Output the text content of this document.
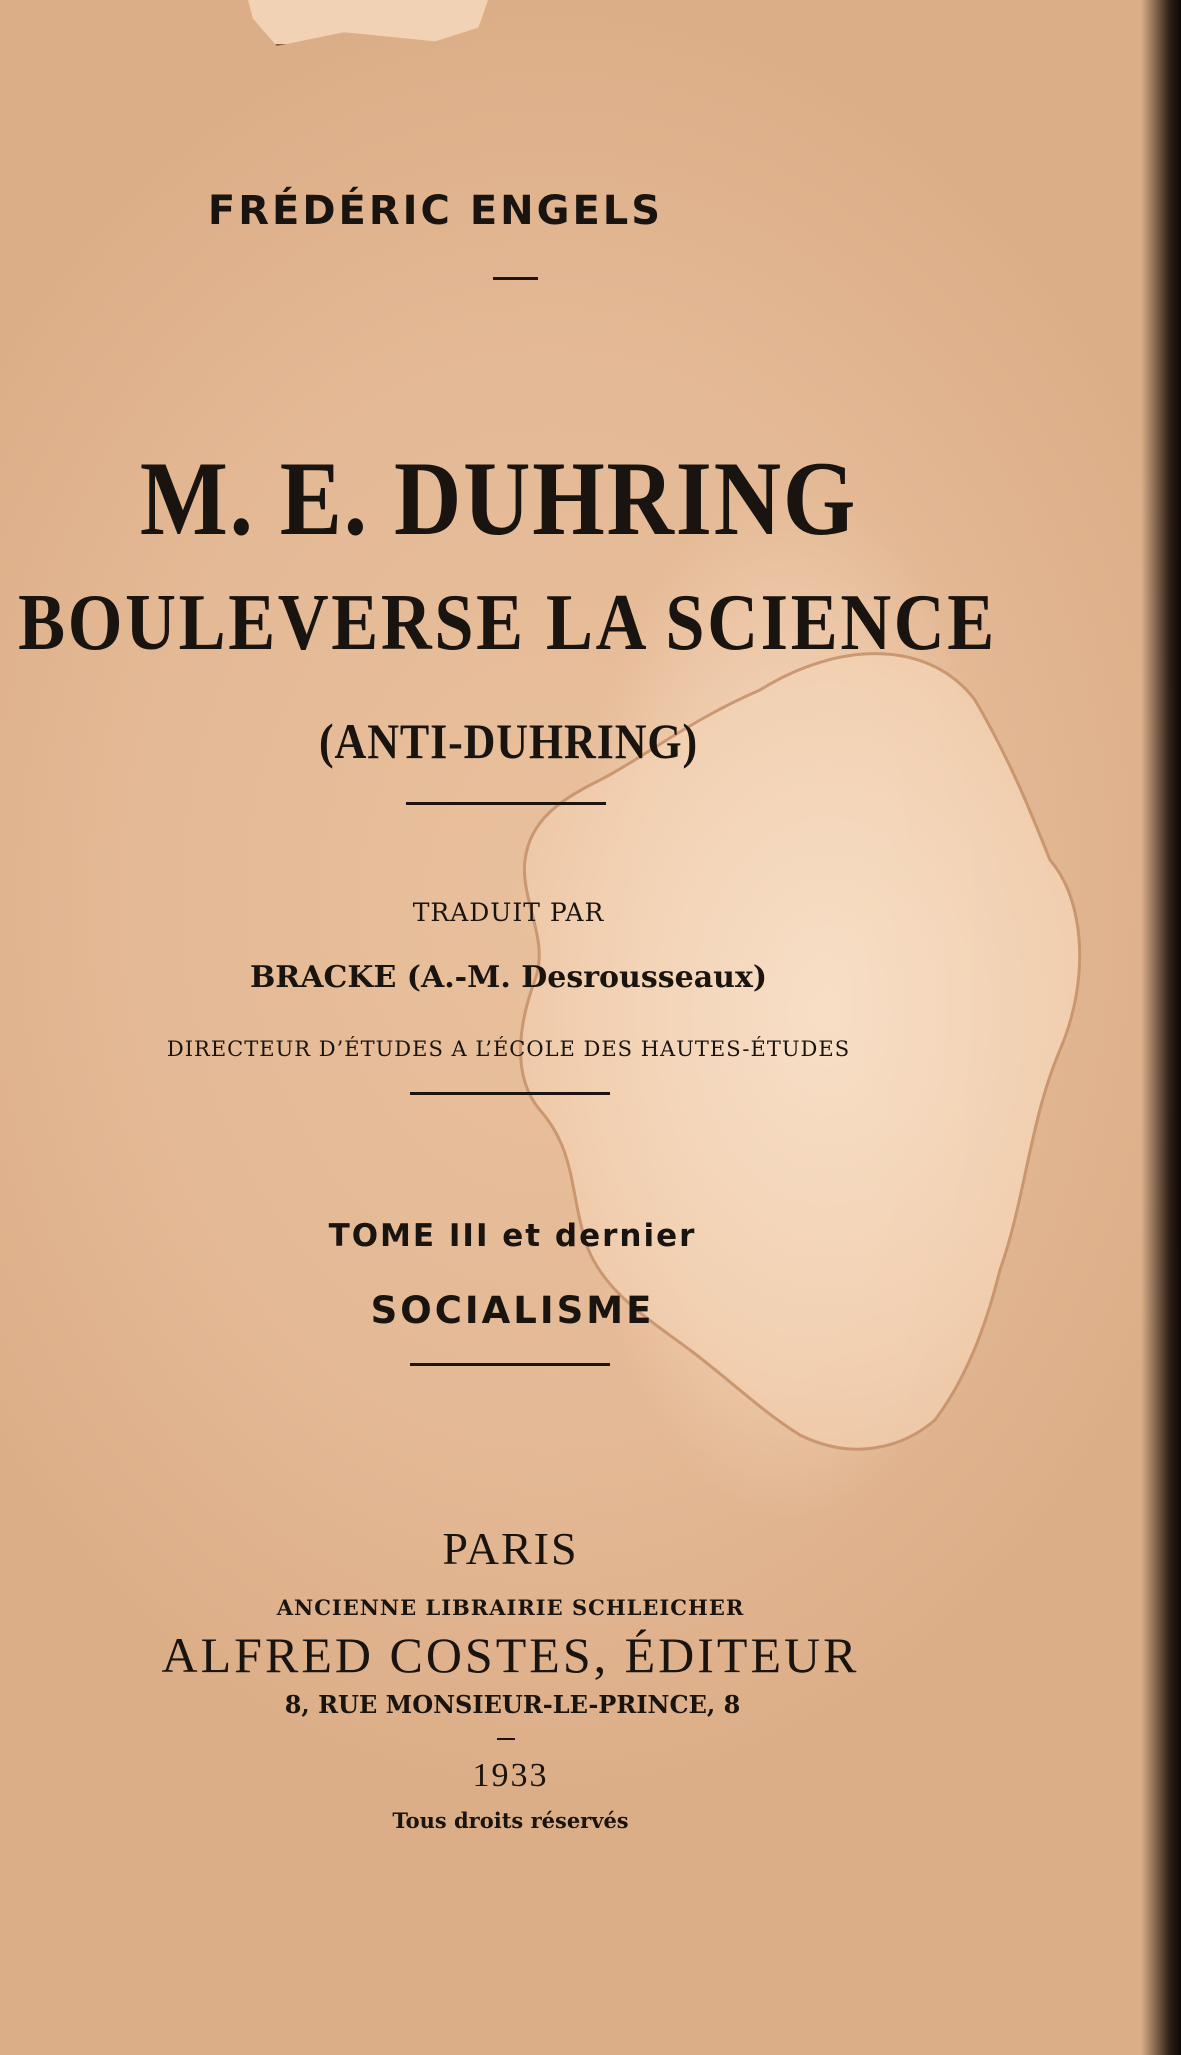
FRÉDÉRIC ENGELS
M. E. DUHRING
BOULEVERSE LA SCIENCE
(ANTI-DUHRING)
TRADUIT PAR
BRACKE (A.-M. Desrousseaux)
DIRECTEUR D’ÉTUDES A L’ÉCOLE DES HAUTES-ÉTUDES
TOME III et dernier
SOCIALISME
PARIS
ANCIENNE LIBRAIRIE SCHLEICHER
ALFRED COSTES, ÉDITEUR
8, RUE MONSIEUR-LE-PRINCE, 8
1933
Tous droits réservés
